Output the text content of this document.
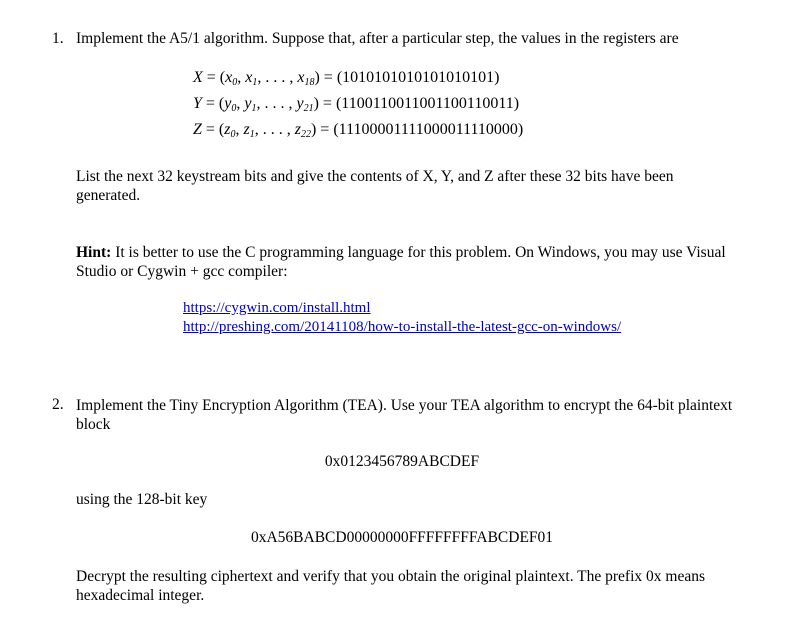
1. Implement the A5/1 algorithm. Suppose that, after a particular step, the values in the registers are
$X = (x_0$, $x_1$, . . . , $x_{18}) = (1010101010101010101)$
$Y = (y_0$, $y_1$, . . . , $y_{21}) = (1100110011001100110011)$
$Z = (z_0$, $z_1$, . . . , $z_{22}) = (11100001111000011110000)$
List the next 32 keystream bits and give the contents of X, Y, and Z after these 32 bits have been generated.
Hint: It is better to use the C programming language for this problem. On Windows, you may use Visual Studio or Cygwin + gcc compiler:
https://cygwin.com/install.html
http://preshing.com/20141108/how-to-install-the-latest-gcc-on-windows/
2. Implement the Tiny Encryption Algorithm (TEA). Use your TEA algorithm to encrypt the 64-bit plaintext block
0x0123456789ABCDEF
using the 128-bit key
0xA56BABCD00000000FFFFFFFFABCDEF01
Decrypt the resulting ciphertext and verify that you obtain the original plaintext. The prefix 0x means hexadecimal integer.
